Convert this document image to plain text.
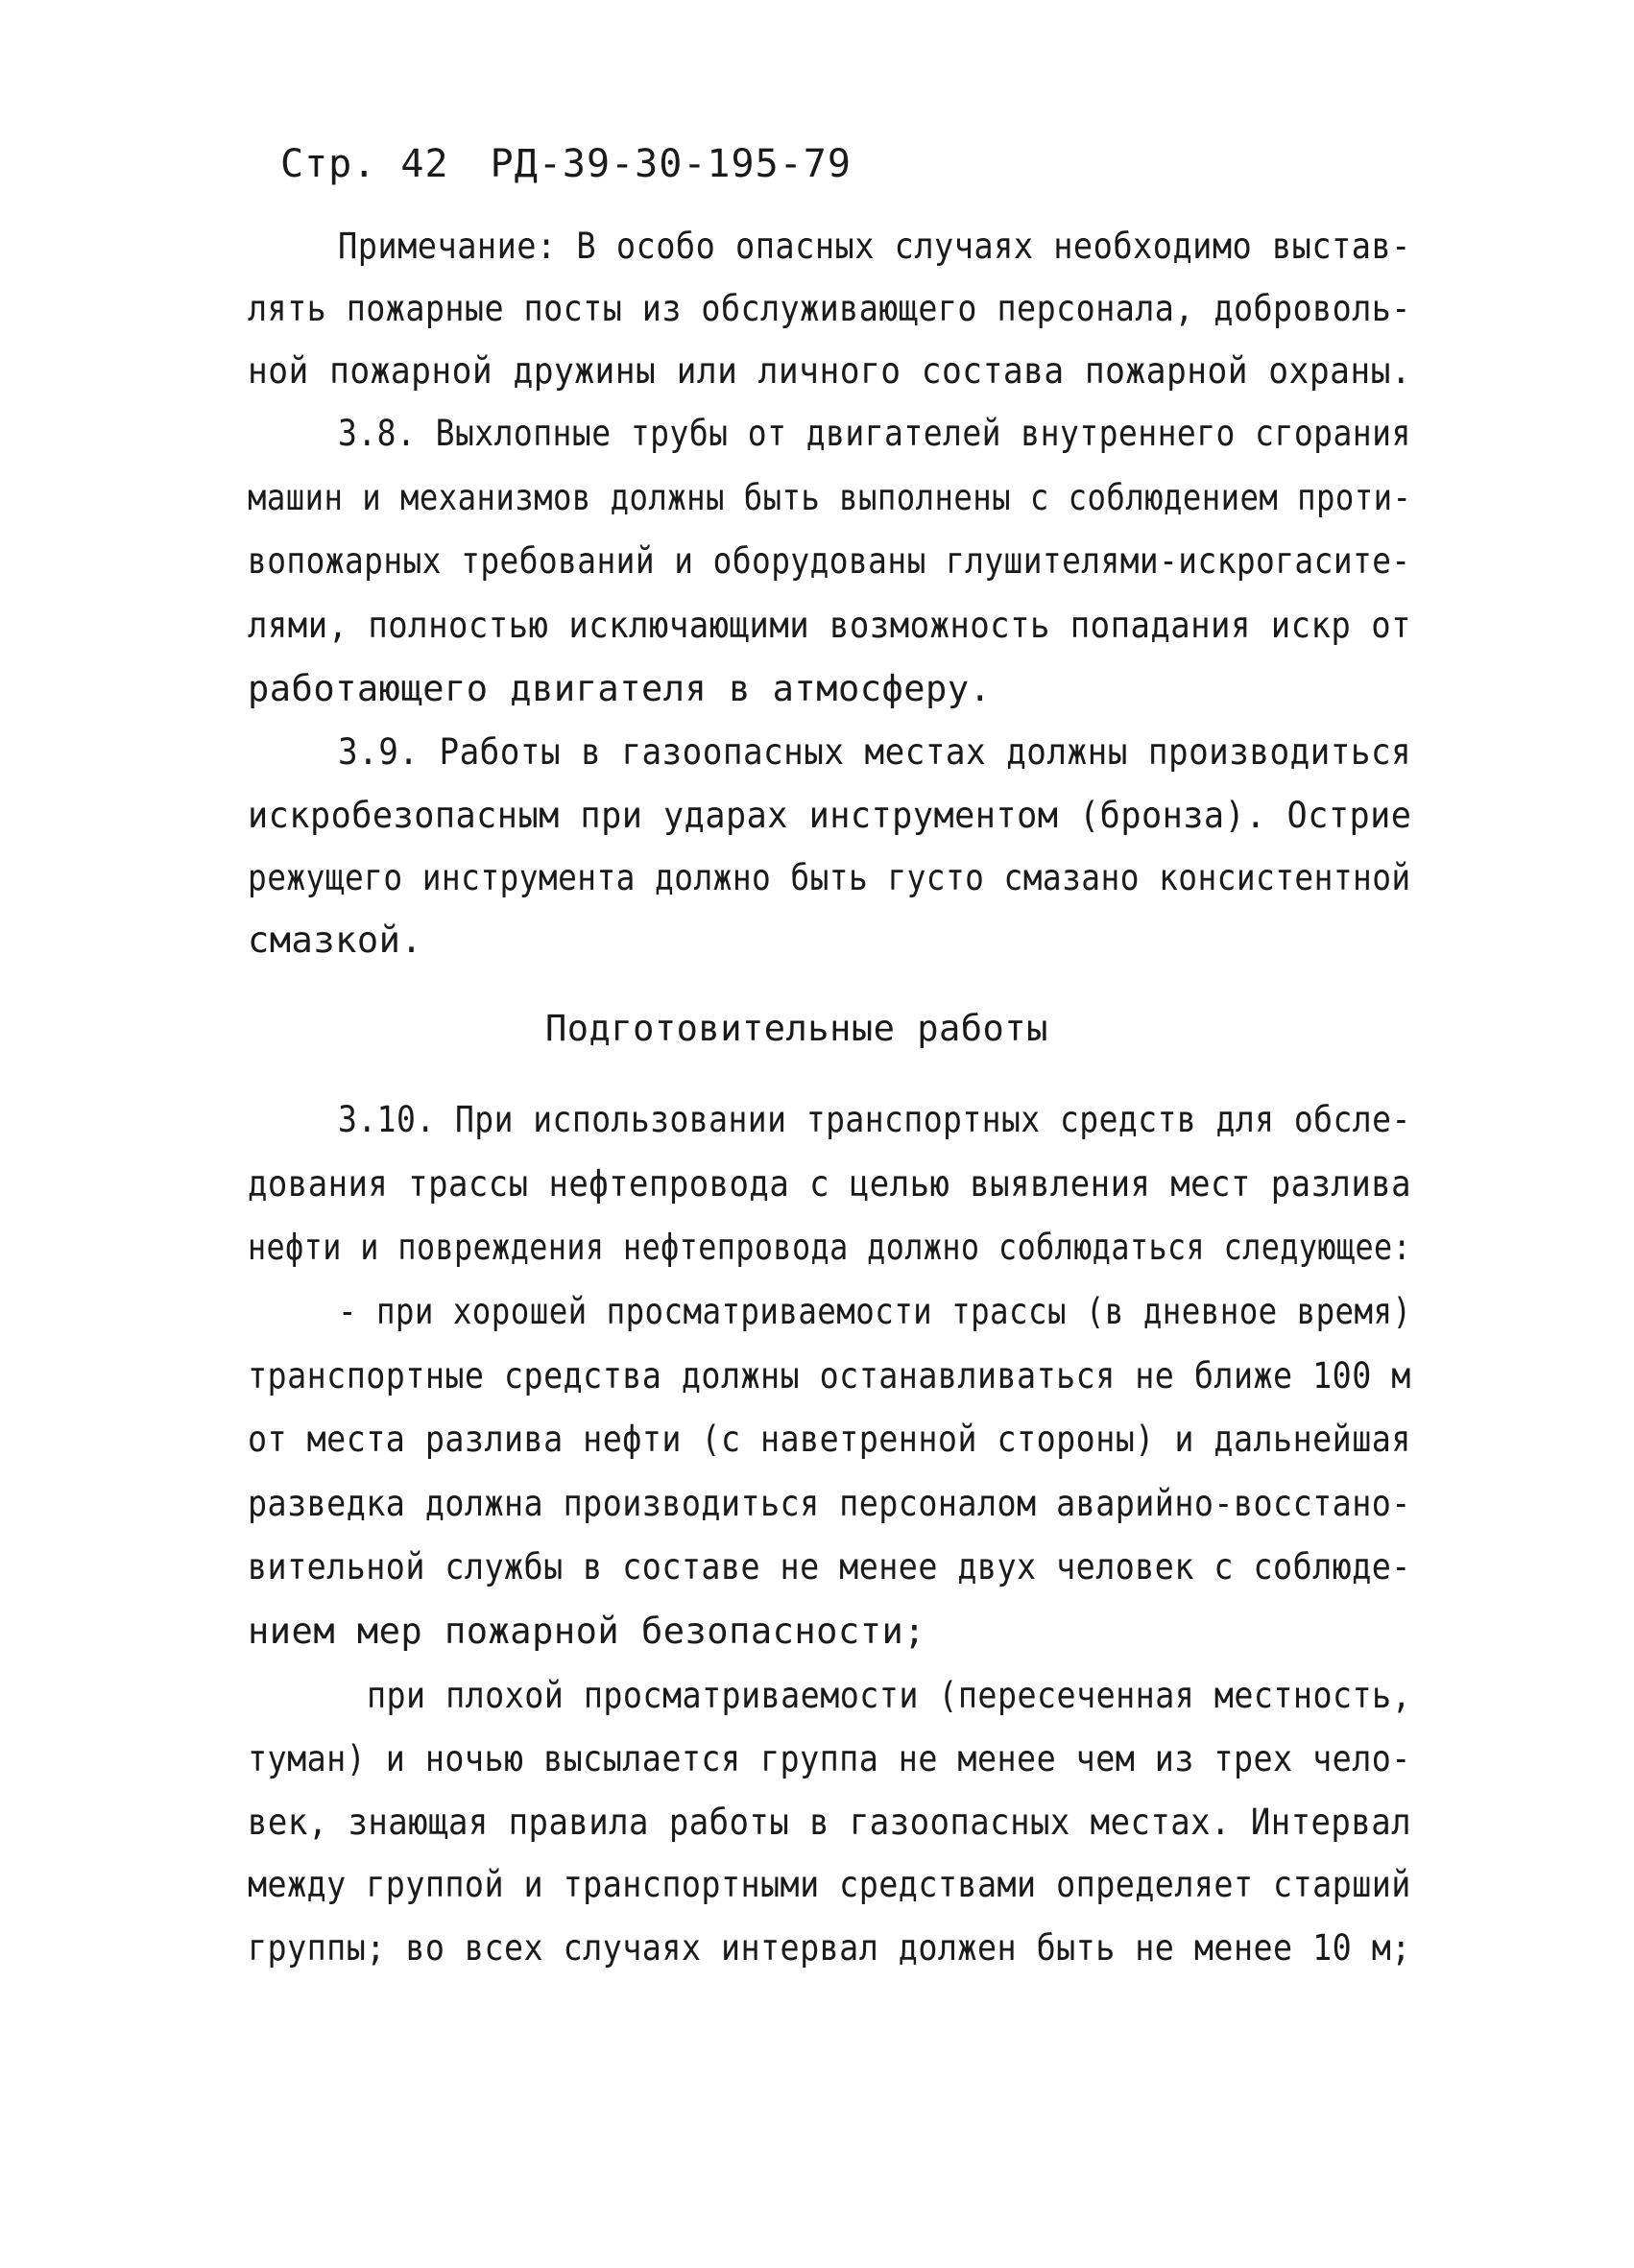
Стр. 42 РД-39-30-195-79
Примечание: В особо опасных случаях необходимо выстав-
лять пожарные посты из обслуживающего персонала, доброволь-
ной пожарной дружины или личного состава пожарной охраны.
3.8. Выхлопные трубы от двигателей внутреннего сгорания
машин и механизмов должны быть выполнены с соблюдением проти-
вопожарных требований и оборудованы глушителями-искрогасите-
лями, полностью исключающими возможность попадания искр от
работающего двигателя в атмосферу.
3.9. Работы в газоопасных местах должны производиться
искробезопасным при ударах инструментом (бронза). Острие
режущего инструмента должно быть густо смазано консистентной
смазкой.
Подготовительные работы
3.10. При использовании транспортных средств для обсле-
дования трассы нефтепровода с целью выявления мест разлива
нефти и повреждения нефтепровода должно соблюдаться следующее:
- при хорошей просматриваемости трассы (в дневное время)
транспортные средства должны останавливаться не ближе 100 м
от места разлива нефти (с наветренной стороны) и дальнейшая
разведка должна производиться персоналом аварийно-восстано-
вительной службы в составе не менее двух человек с соблюде-
нием мер пожарной безопасности;
при плохой просматриваемости (пересеченная местность,
туман) и ночью высылается группа не менее чем из трех чело-
век, знающая правила работы в газоопасных местах. Интервал
между группой и транспортными средствами определяет старший
группы; во всех случаях интервал должен быть не менее 10 м;
